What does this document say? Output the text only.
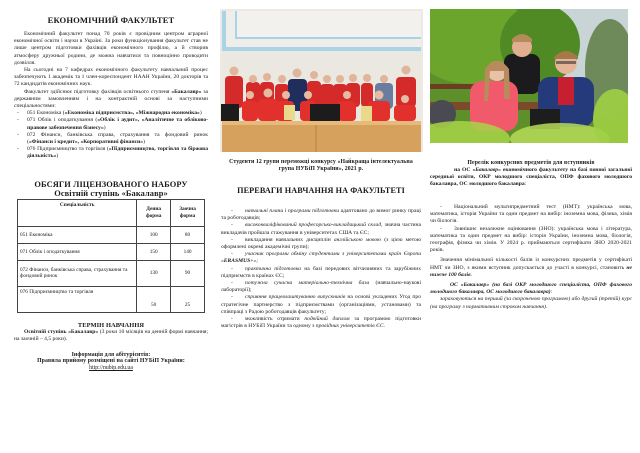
ЕКОНОМІЧНИЙ ФАКУЛЬТЕТ

Економічний факультет понад 70 років є провідним центром аграрної економічної освіти і науки в Україні. За роки функціонування факультет став не лише центром підготовки фахівців економічного профілю, а й створив атмосферу дружньої родини, де можна навчатися та повноцінно проводити дозвілля.

На сьогодні на 7 кафедрах економічного факультету навчальний процес забезпечують 1 академік та 1 член-кореспондент НААН України, 20 докторів та 72 кандидатів економічних наук.

Факультет здійснює підготовку фахівців освітнього ступеня «Бакалавр» за державним замовленням і на контрактній основі за наступними спеціальностями:

- 051 Економіка («Економіка підприємства», «Міжнародна економіка»)
- 071 Облік і оподаткування («Облік і аудит», «Аналітичне та обліково-правове забезпечення бізнесу»)
- 072 Фінанси, банківська справа, страхування та фондовий ринок («Фінанси і кредит», «Корпоративні фінанси»)
- 076 Підприємництво та торгівля («Підприємництво, торгівля та біржова діяльність»)
ОБСЯГИ ЛІЦЕНЗОВАНОГО НАБОРУ
Освітній ступінь «Бакалавр»
Спеціальність	Денна форма	Заочна форма
051 Економіка	100	80
071 Облік і оподаткування	150	140
072 Фінанси, банківська справа, страхування та фондовий ринок	130	90
076 Підприємництво та торгівля	50	25
ТЕРМІН НАВЧАННЯ

Освітній ступінь «Бакалавр» (3 роки 10 місяців на денній формі навчання; на заочній – 4,5 роки).

Інформація для абітурієнтів:
Правила прийому розміщені на сайті НУБіП України:
http://nubip.edu.ua
Студенти 12 групи переможці конкурсу «Найкраща інтелектуальна група НУБіП України», 2021 р.
ПЕРЕВАГИ НАВЧАННЯ НА ФАКУЛЬТЕТІ
- навчальні плани і програми підготовки адаптовано до вимог ринку праці та роботодавців;
- висококваліфікований професорсько-викладацький склад, значна частина викладачів пройшла стажування в університетах США та ЄС;
- викладання навчальних дисциплін англійською мовою (з цією метою оформлені окремі академічні групи);
- учасник програми обміну студентами з університетами країн Європи «ERASMUS+»;
- практична підготовка на базі передових вітчизняних та зарубіжних підприємств в країнах ЄС;
- потужна сучасна матеріально-технічна база (навчально-наукові лабораторії);
- сприяння працевлаштуванню випускників на основі укладених Угод про стратегічне партнерство з підприємствами (організаціями, установами) та співпраці з Радою роботодавців факультету;
- можливість отримати подвійний диплом за програмою підготовки магістрів в НУБіП України та одному з провідних університетів ЄС.
Перелік конкурсних предметів для вступників

на ОС «Бакалавр» економічного факультету на базі повної загальної середньої освіти, ОКР молодшого спеціаліста, ОПФ фахового молодшого бакалавра, ОС молодшого бакалавра:

- Національний мультипредметний тест (НМТ): українська мова, математика, історія України та один предмет на вибір: іноземна мова, фізика, хімія чи біологія.

- Зовнішнє незалежне оцінювання (ЗНО): українська мова і література, математика та один предмет на вибір: історія України, іноземна мова, біологія, географія, фізика чи хімія. У 2024 р. приймаються сертифікати ЗНО 2020-2021 років.

Значення мінімальної кількості балів із конкурсних предметів у сертифікаті НМТ чи ЗНО, з якими вступник допускається до участі в конкурсі, становить не нижче 100 балів.

ОС «Бакалавр» (на базі ОКР молодшого спеціаліста, ОПФ фахового молодшого бакалавра, ОС молодшого бакалавра):

зараховуються на перший (за скороченою програмою) або другий (третій) курс (на програму з нормативним строком навчання).
